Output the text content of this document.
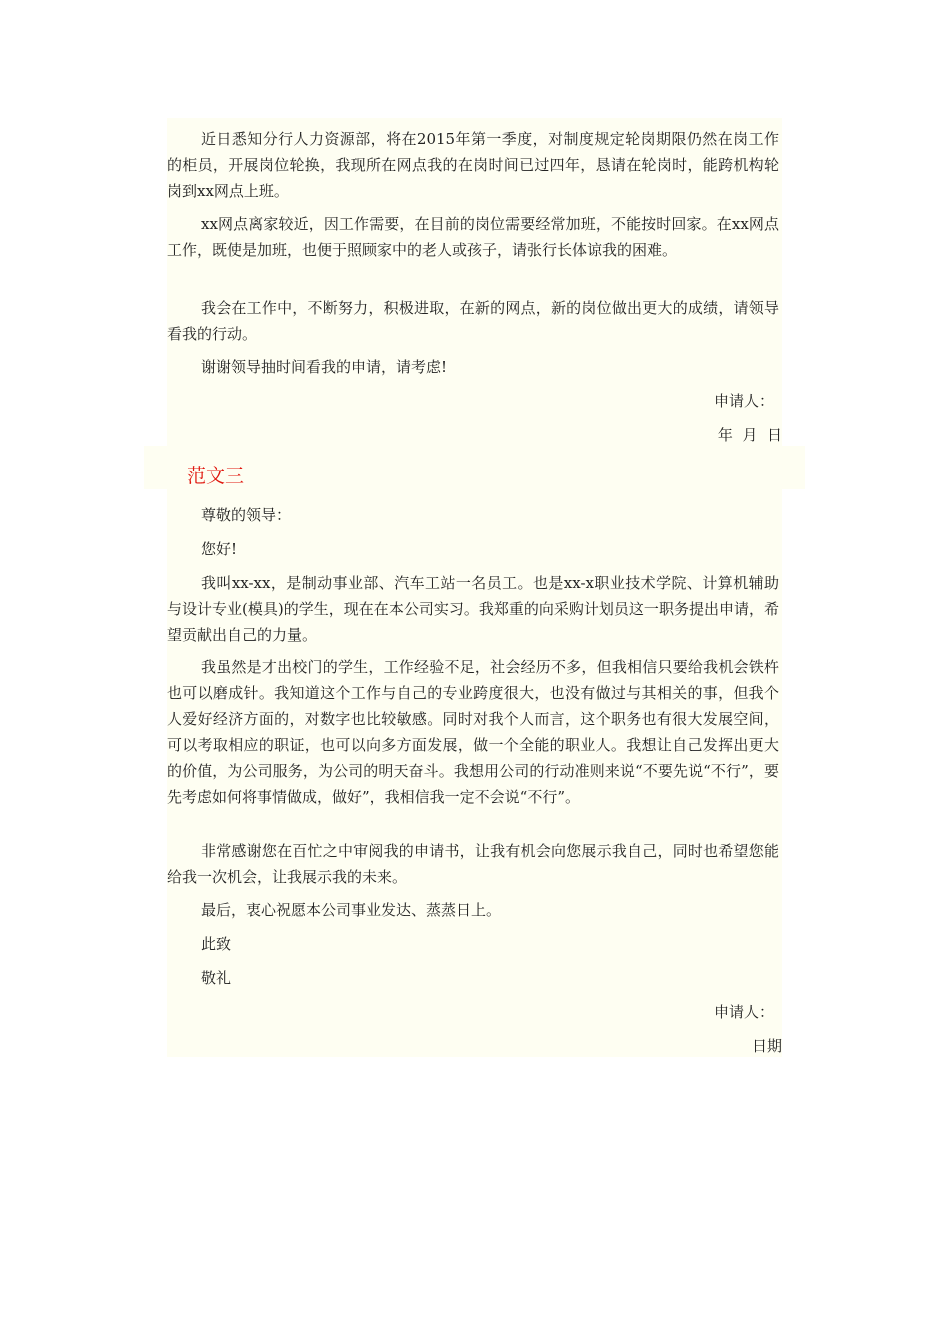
近日悉知分行人力资源部，将在2015年第一季度，对制度规定轮岗期限仍然在岗工作的柜员，开展岗位轮换，我现所在网点我的在岗时间已过四年，恳请在轮岗时，能跨机构轮岗到xx网点上班。

xx网点离家较近，因工作需要，在目前的岗位需要经常加班，不能按时回家。在xx网点工作，既使是加班，也便于照顾家中的老人或孩子，请张行长体谅我的困难。

我会在工作中，不断努力，积极进取，在新的网点，新的岗位做出更大的成绩，请领导看我的行动。

谢谢领导抽时间看我的申请，请考虑!

申请人：

年  月  日

范文三

尊敬的领导：

您好!

我叫xx-xx，是制动事业部、汽车工站一名员工。也是xx-x职业技术学院、计算机辅助与设计专业(模具)的学生，现在在本公司实习。我郑重的向采购计划员这一职务提出申请，希望贡献出自己的力量。

我虽然是才出校门的学生，工作经验不足，社会经历不多，但我相信只要给我机会铁杵也可以磨成针。我知道这个工作与自己的专业跨度很大，也没有做过与其相关的事，但我个人爱好经济方面的，对数字也比较敏感。同时对我个人而言，这个职务也有很大发展空间，可以考取相应的职证，也可以向多方面发展，做一个全能的职业人。我想让自己发挥出更大的价值，为公司服务，为公司的明天奋斗。我想用公司的行动准则来说“不要先说“不行”，要先考虑如何将事情做成，做好”，我相信我一定不会说“不行”。

非常感谢您在百忙之中审阅我的申请书，让我有机会向您展示我自己，同时也希望您能给我一次机会，让我展示我的未来。

最后，衷心祝愿本公司事业发达、蒸蒸日上。

此致

敬礼

申请人：

日期
